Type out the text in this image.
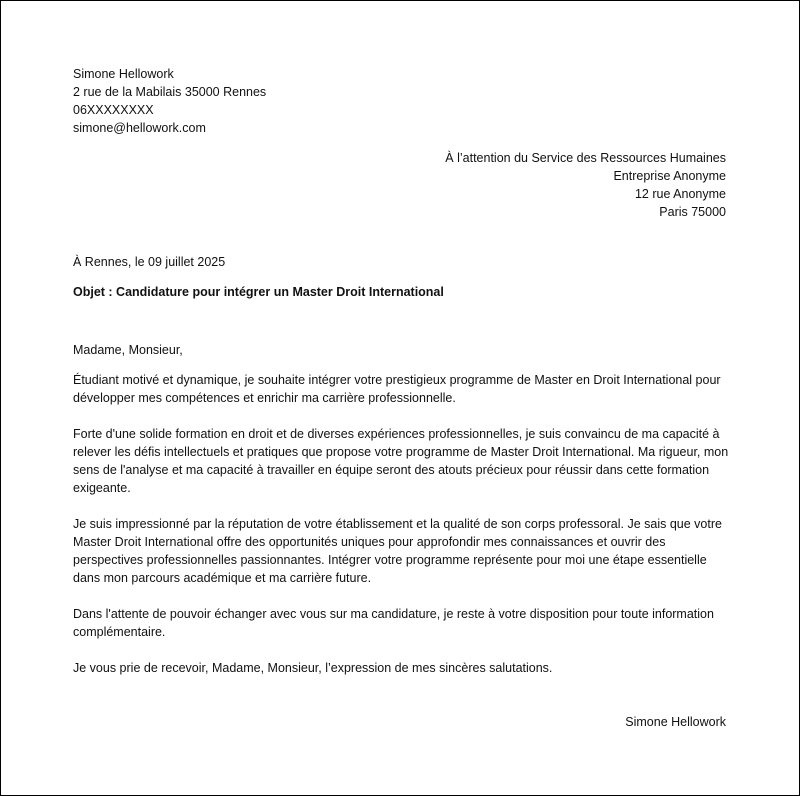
Simone Hellowork

2 rue de la Mabilais 35000 Rennes

06XXXXXXXX

simone@hellowork.com

À l’attention du Service des Ressources Humaines

Entreprise Anonyme

12 rue Anonyme

Paris 75000

À Rennes, le 09 juillet 2025

Objet : Candidature pour intégrer un Master Droit International

Madame, Monsieur,

Étudiant motivé et dynamique, je souhaite intégrer votre prestigieux programme de Master en Droit International pour développer mes compétences et enrichir ma carrière professionnelle.

Forte d'une solide formation en droit et de diverses expériences professionnelles, je suis convaincu de ma capacité à relever les défis intellectuels et pratiques que propose votre programme de Master Droit International. Ma rigueur, mon sens de l'analyse et ma capacité à travailler en équipe seront des atouts précieux pour réussir dans cette formation exigeante.

Je suis impressionné par la réputation de votre établissement et la qualité de son corps professoral. Je sais que votre Master Droit International offre des opportunités uniques pour approfondir mes connaissances et ouvrir des perspectives professionnelles passionnantes. Intégrer votre programme représente pour moi une étape essentielle dans mon parcours académique et ma carrière future.

Dans l'attente de pouvoir échanger avec vous sur ma candidature, je reste à votre disposition pour toute information complémentaire.

Je vous prie de recevoir, Madame, Monsieur, l’expression de mes sincères salutations.

Simone Hellowork
